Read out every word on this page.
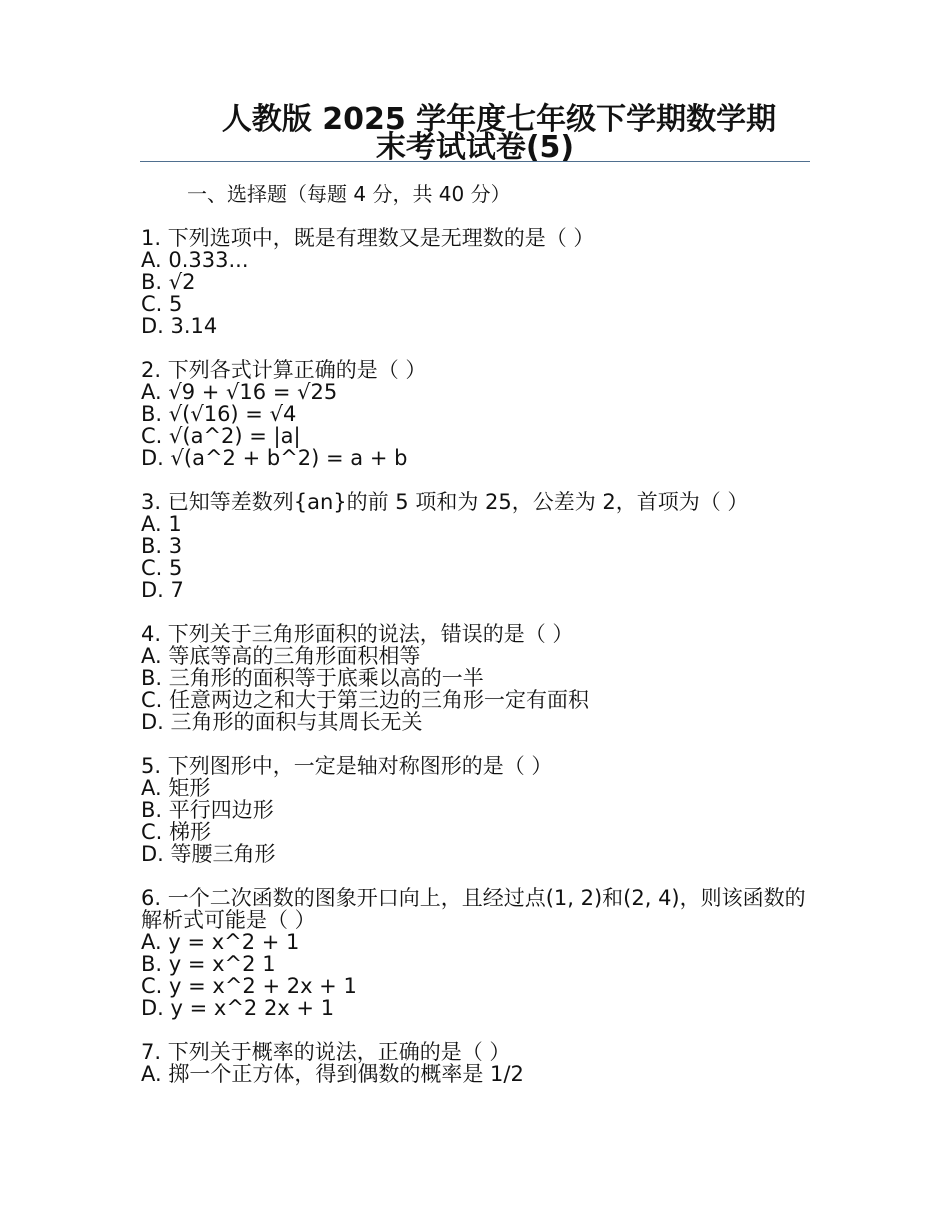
人教版 2025 学年度七年级下学期数学期
末考试试卷(5)
一、选择题（每题 4 分，共 40 分）
1. 下列选项中，既是有理数又是无理数的是（ ）
A. 0.333...
B. √2
C. 5
D. 3.14
2. 下列各式计算正确的是（ ）
A. √9 + √16 = √25
B. √(√16) = √4
C. √(a^2) = |a|
D. √(a^2 + b^2) = a + b
3. 已知等差数列{an}的前 5 项和为 25，公差为 2，首项为（ ）
A. 1
B. 3
C. 5
D. 7
4. 下列关于三角形面积的说法，错误的是（ ）
A. 等底等高的三角形面积相等
B. 三角形的面积等于底乘以高的一半
C. 任意两边之和大于第三边的三角形一定有面积
D. 三角形的面积与其周长无关
5. 下列图形中，一定是轴对称图形的是（ ）
A. 矩形
B. 平行四边形
C. 梯形
D. 等腰三角形
6. 一个二次函数的图象开口向上，且经过点(1, 2)和(2, 4)，则该函数的解析式可能是（ ）
A. y = x^2 + 1
B. y = x^2 1
C. y = x^2 + 2x + 1
D. y = x^2 2x + 1
7. 下列关于概率的说法，正确的是（ ）
A. 掷一个正方体，得到偶数的概率是 1/2
